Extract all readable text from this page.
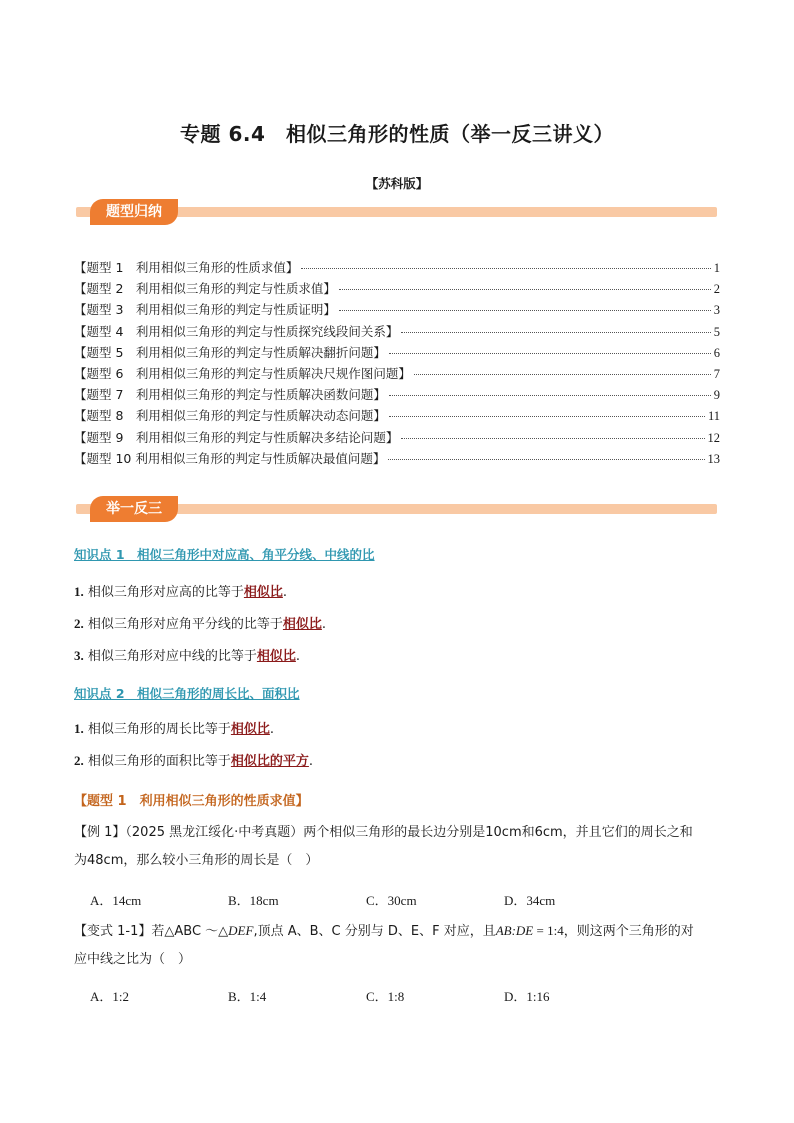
专题 6.4　相似三角形的性质（举一反三讲义）
【苏科版】
题型归纳
【题型 1　利用相似三角形的性质求值】	1
【题型 2　利用相似三角形的判定与性质求值】	2
【题型 3　利用相似三角形的判定与性质证明】	3
【题型 4　利用相似三角形的判定与性质探究线段间关系】	5
【题型 5　利用相似三角形的判定与性质解决翻折问题】	6
【题型 6　利用相似三角形的判定与性质解决尺规作图问题】	7
【题型 7　利用相似三角形的判定与性质解决函数问题】	9
【题型 8　利用相似三角形的判定与性质解决动态问题】	11
【题型 9　利用相似三角形的判定与性质解决多结论问题】	12
【题型 10 利用相似三角形的判定与性质解决最值问题】	13
举一反三
知识点 1　相似三角形中对应高、角平分线、中线的比
1. 相似三角形对应高的比等于相似比.
2. 相似三角形对应角平分线的比等于相似比.
3. 相似三角形对应中线的比等于相似比.
知识点 2　相似三角形的周长比、面积比
1. 相似三角形的周长比等于相似比.
2. 相似三角形的面积比等于相似比的平方.
【题型 1　利用相似三角形的性质求值】
【例 1】（2025 黑龙江绥化·中考真题）两个相似三角形的最长边分别是10cm和6cm，并且它们的周长之和
为48cm，那么较小三角形的周长是（　）
A．14cm	B．18cm	C．30cm	D．34cm
【变式 1-1】若△ABC ～△DEF,顶点 A、B、C 分别与 D、E、F 对应，且AB:DE = 1:4，则这两个三角形的对
应中线之比为（　）
A．1:2	B．1:4	C．1:8	D．1:16
